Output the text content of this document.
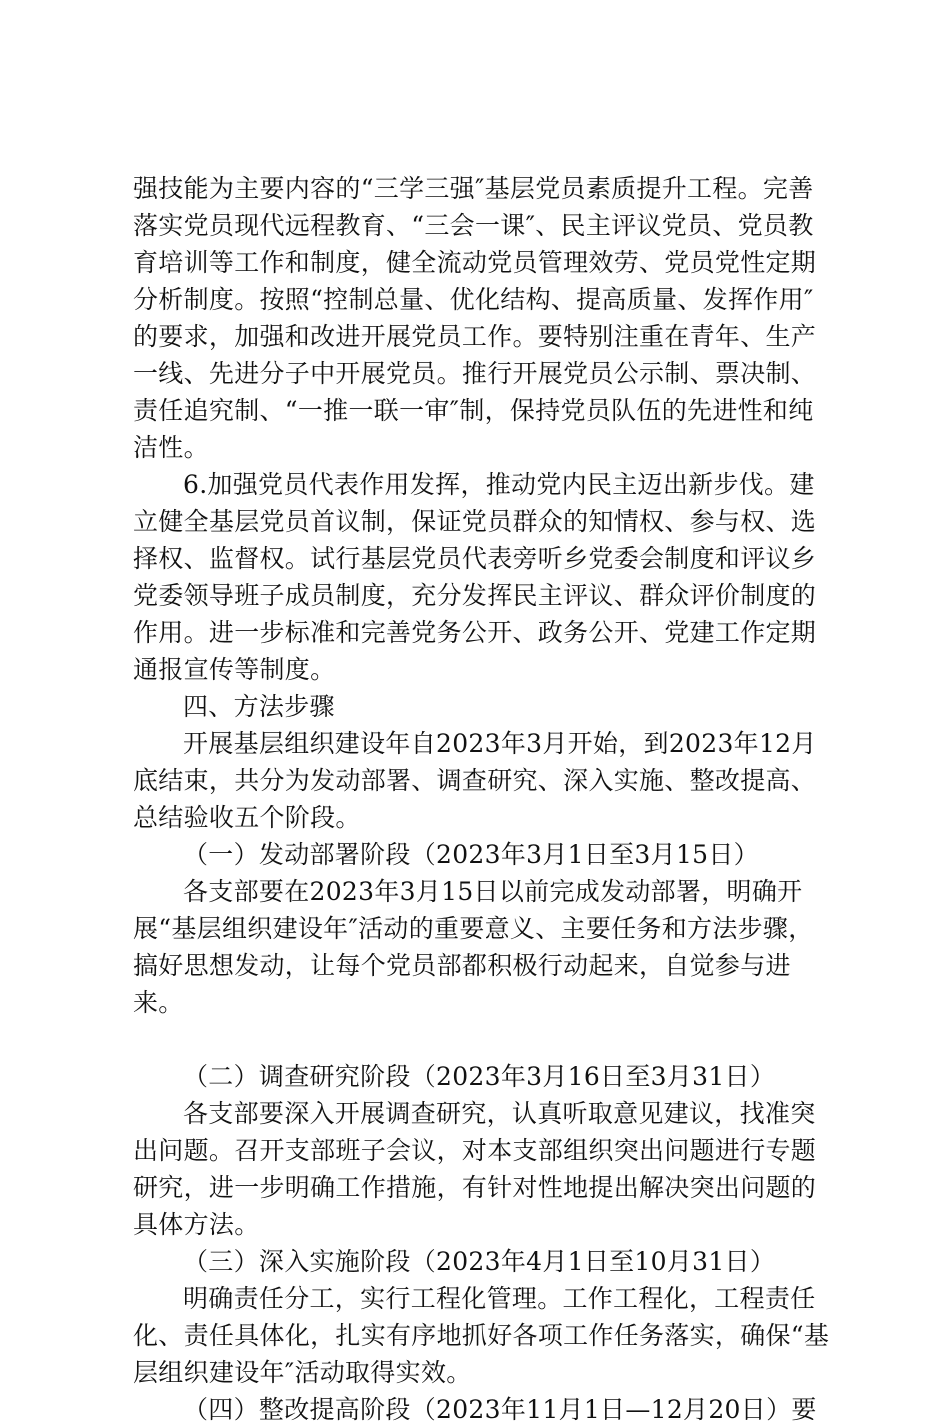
强技能为主要内容的“三学三强″基层党员素质提升工程。完善落实党员现代远程教育、“三会一课″、民主评议党员、党员教育培训等工作和制度，健全流动党员管理效劳、党员党性定期分析制度。按照“控制总量、优化结构、提高质量、发挥作用″的要求，加强和改进开展党员工作。要特别注重在青年、生产一线、先进分子中开展党员。推行开展党员公示制、票决制、责任追究制、“一推一联一审″制，保持党员队伍的先进性和纯洁性。

6.加强党员代表作用发挥，推动党内民主迈出新步伐。建立健全基层党员首议制，保证党员群众的知情权、参与权、选择权、监督权。试行基层党员代表旁听乡党委会制度和评议乡党委领导班子成员制度，充分发挥民主评议、群众评价制度的作用。进一步标准和完善党务公开、政务公开、党建工作定期通报宣传等制度。

四、方法步骤

开展基层组织建设年自2023年3月开始，到2023年12月底结束，共分为发动部署、调查研究、深入实施、整改提高、总结验收五个阶段。

（一）发动部署阶段（2023年3月1日至3月15日）

各支部要在2023年3月15日以前完成发动部署，明确开展“基层组织建设年″活动的重要意义、主要任务和方法步骤，搞好思想发动，让每个党员部都积极行动起来，自觉参与进来。

（二）调查研究阶段（2023年3月16日至3月31日）

各支部要深入开展调查研究，认真听取意见建议，找准突出问题。召开支部班子会议，对本支部组织突出问题进行专题研究，进一步明确工作措施，有针对性地提出解决突出问题的具体方法。

（三）深入实施阶段（2023年4月1日至10月31日）

明确责任分工，实行工程化管理。工作工程化，工程责任化、责任具体化，扎实有序地抓好各项工作任务落实，确保“基层组织建设年″活动取得实效。

（四）整改提高阶段（2023年11月1日—12月20日）要
